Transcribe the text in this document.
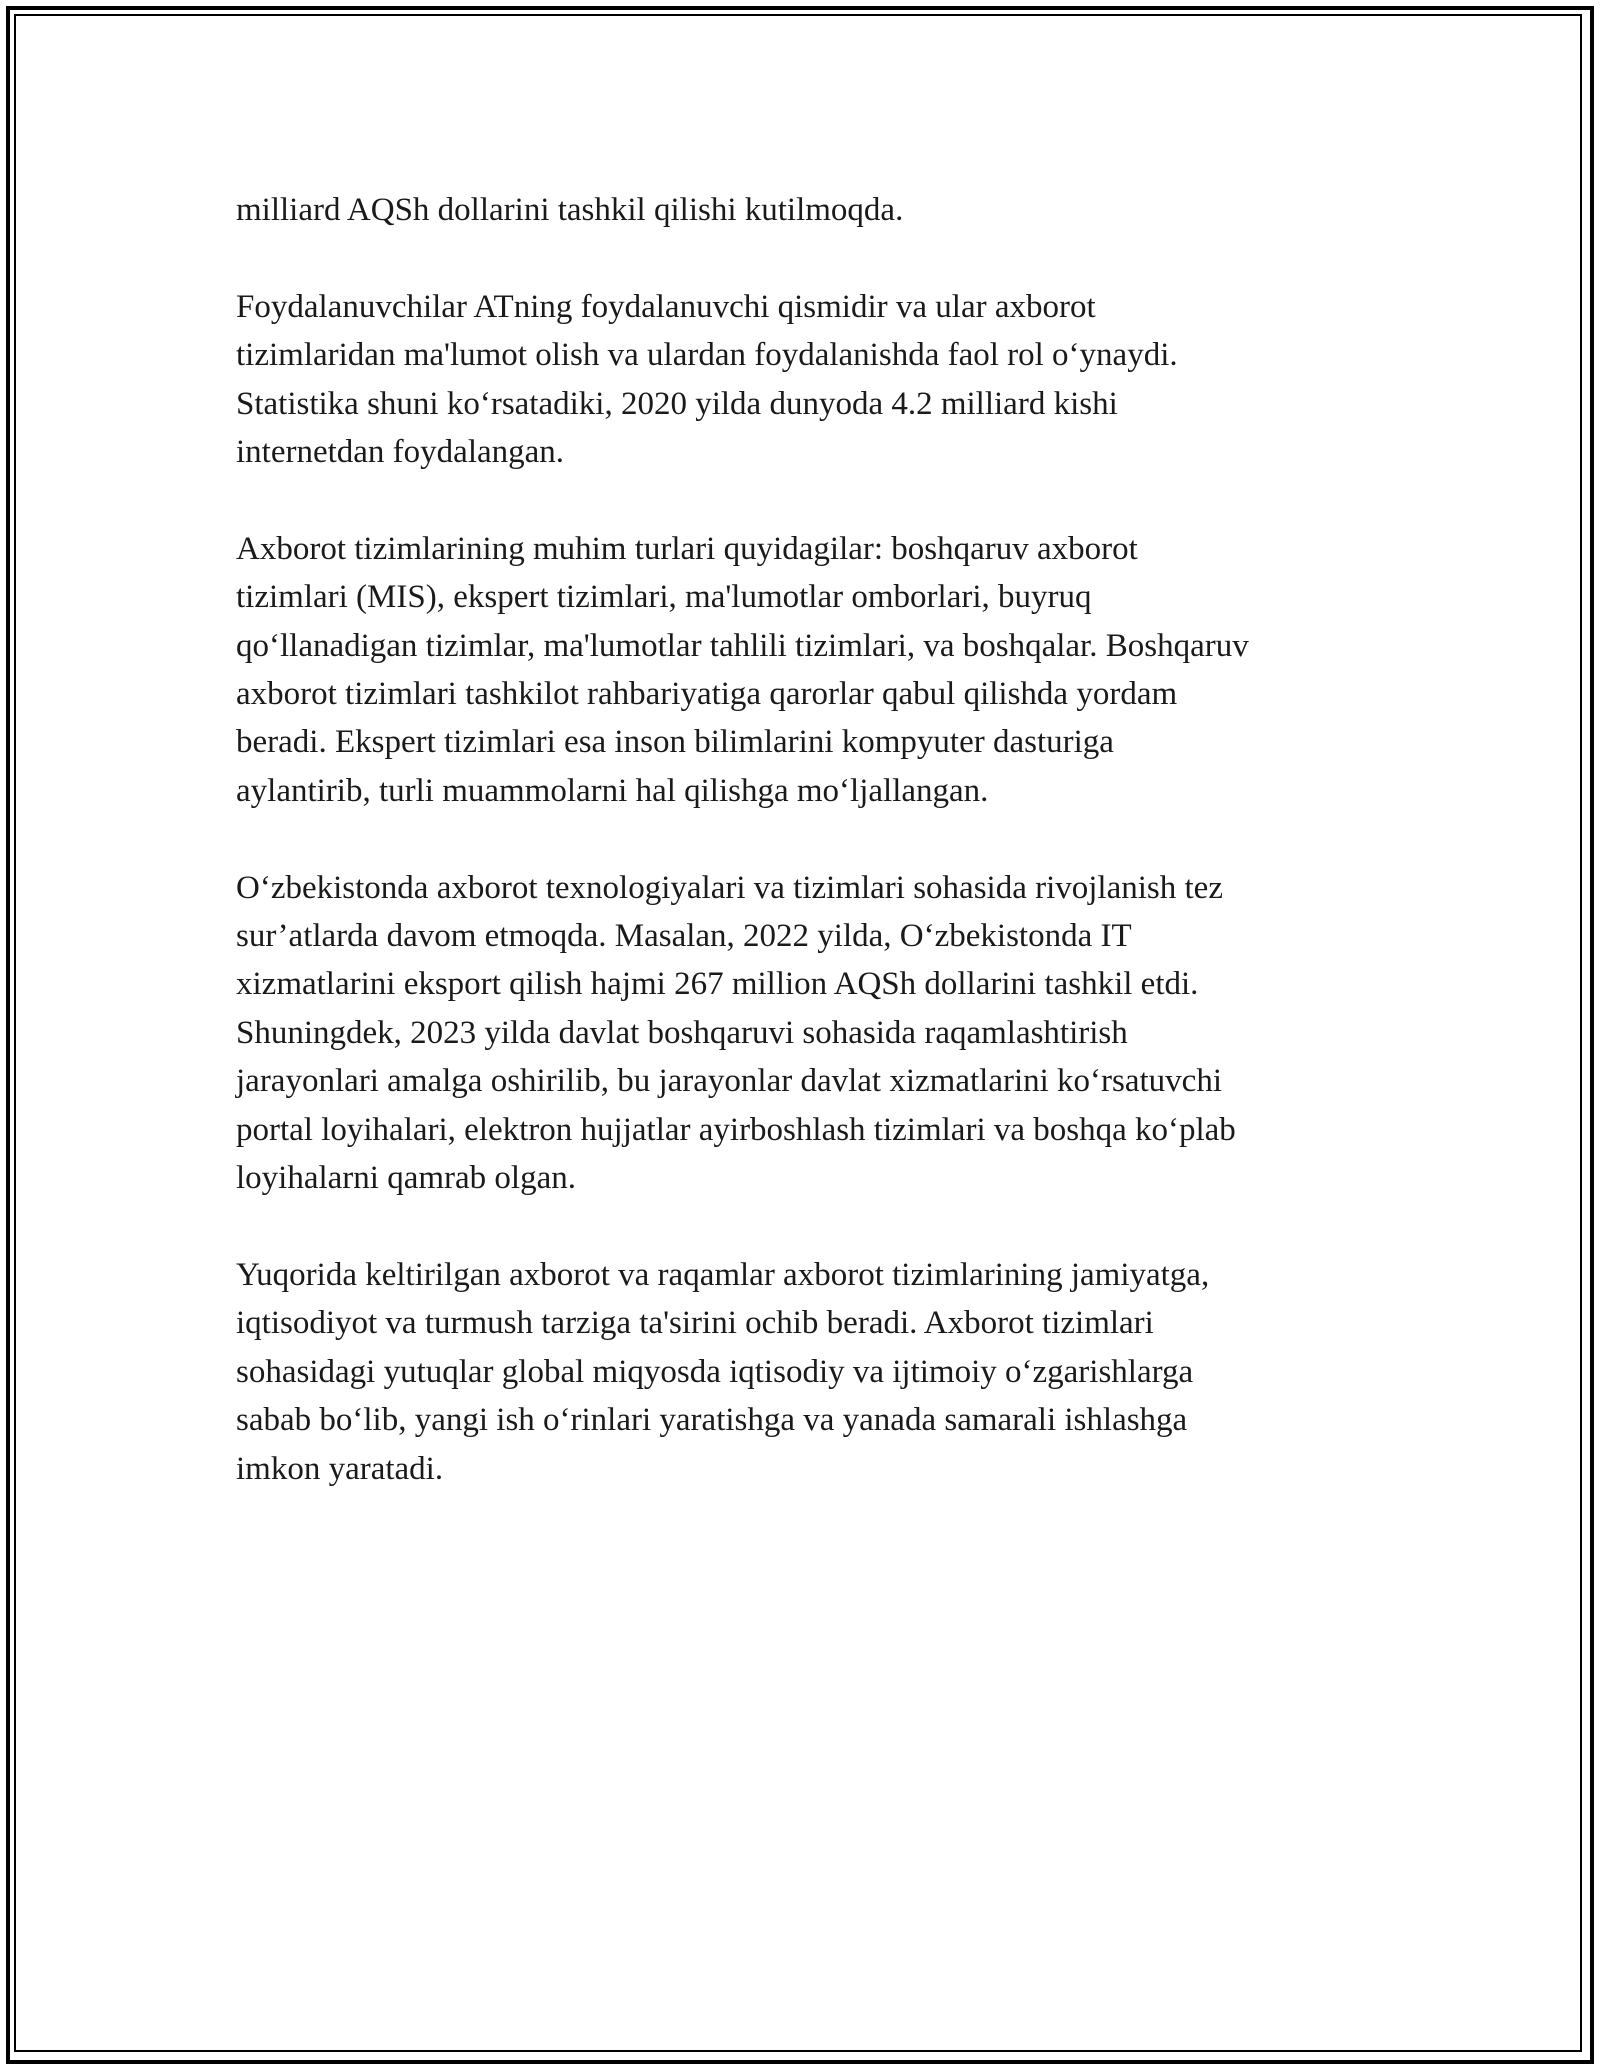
milliard AQSh dollarini tashkil qilishi kutilmoqda.

Foydalanuvchilar ATning foydalanuvchi qismidir va ular axborot
tizimlaridan ma'lumot olish va ulardan foydalanishda faol rol o‘ynaydi.
Statistika shuni ko‘rsatadiki, 2020 yilda dunyoda 4.2 milliard kishi
internetdan foydalangan.

Axborot tizimlarining muhim turlari quyidagilar: boshqaruv axborot
tizimlari (MIS), ekspert tizimlari, ma'lumotlar omborlari, buyruq
qo‘llanadigan tizimlar, ma'lumotlar tahlili tizimlari, va boshqalar. Boshqaruv
axborot tizimlari tashkilot rahbariyatiga qarorlar qabul qilishda yordam
beradi. Ekspert tizimlari esa inson bilimlarini kompyuter dasturiga
aylantirib, turli muammolarni hal qilishga mo‘ljallangan.

O‘zbekistonda axborot texnologiyalari va tizimlari sohasida rivojlanish tez
sur’atlarda davom etmoqda. Masalan, 2022 yilda, O‘zbekistonda IT
xizmatlarini eksport qilish hajmi 267 million AQSh dollarini tashkil etdi.
Shuningdek, 2023 yilda davlat boshqaruvi sohasida raqamlashtirish
jarayonlari amalga oshirilib, bu jarayonlar davlat xizmatlarini ko‘rsatuvchi
portal loyihalari, elektron hujjatlar ayirboshlash tizimlari va boshqa ko‘plab
loyihalarni qamrab olgan.

Yuqorida keltirilgan axborot va raqamlar axborot tizimlarining jamiyatga,
iqtisodiyot va turmush tarziga ta'sirini ochib beradi. Axborot tizimlari
sohasidagi yutuqlar global miqyosda iqtisodiy va ijtimoiy o‘zgarishlarga
sabab bo‘lib, yangi ish o‘rinlari yaratishga va yanada samarali ishlashga
imkon yaratadi.
